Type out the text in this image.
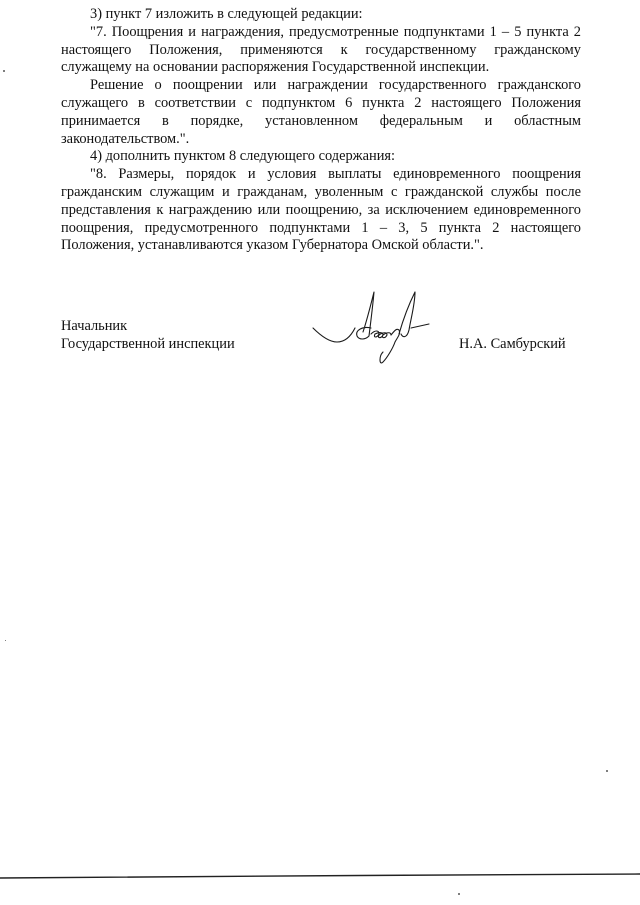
3) пункт 7 изложить в следующей редакции:

"7. Поощрения и награждения, предусмотренные подпунктами 1 – 5 пункта 2 настоящего Положения, применяются к государственному гражданскому служащему на основании распоряжения Государственной инспекции.

Решение о поощрении или награждении государственного гражданского служащего в соответствии с подпунктом 6 пункта 2 настоящего Положения принимается в порядке, установленном федеральным и областным законодательством.".

4) дополнить пунктом 8 следующего содержания:

"8. Размеры, порядок и условия выплаты единовременного поощрения гражданским служащим и гражданам, уволенным с гражданской службы после представления к награждению или поощрению, за исключением единовременного поощрения, предусмотренного подпунктами 1 – 3, 5 пункта 2 настоящего Положения, устанавливаются указом Губернатора Омской области.".

Начальник
Государственной инспекции	Н.А. Самбурский
